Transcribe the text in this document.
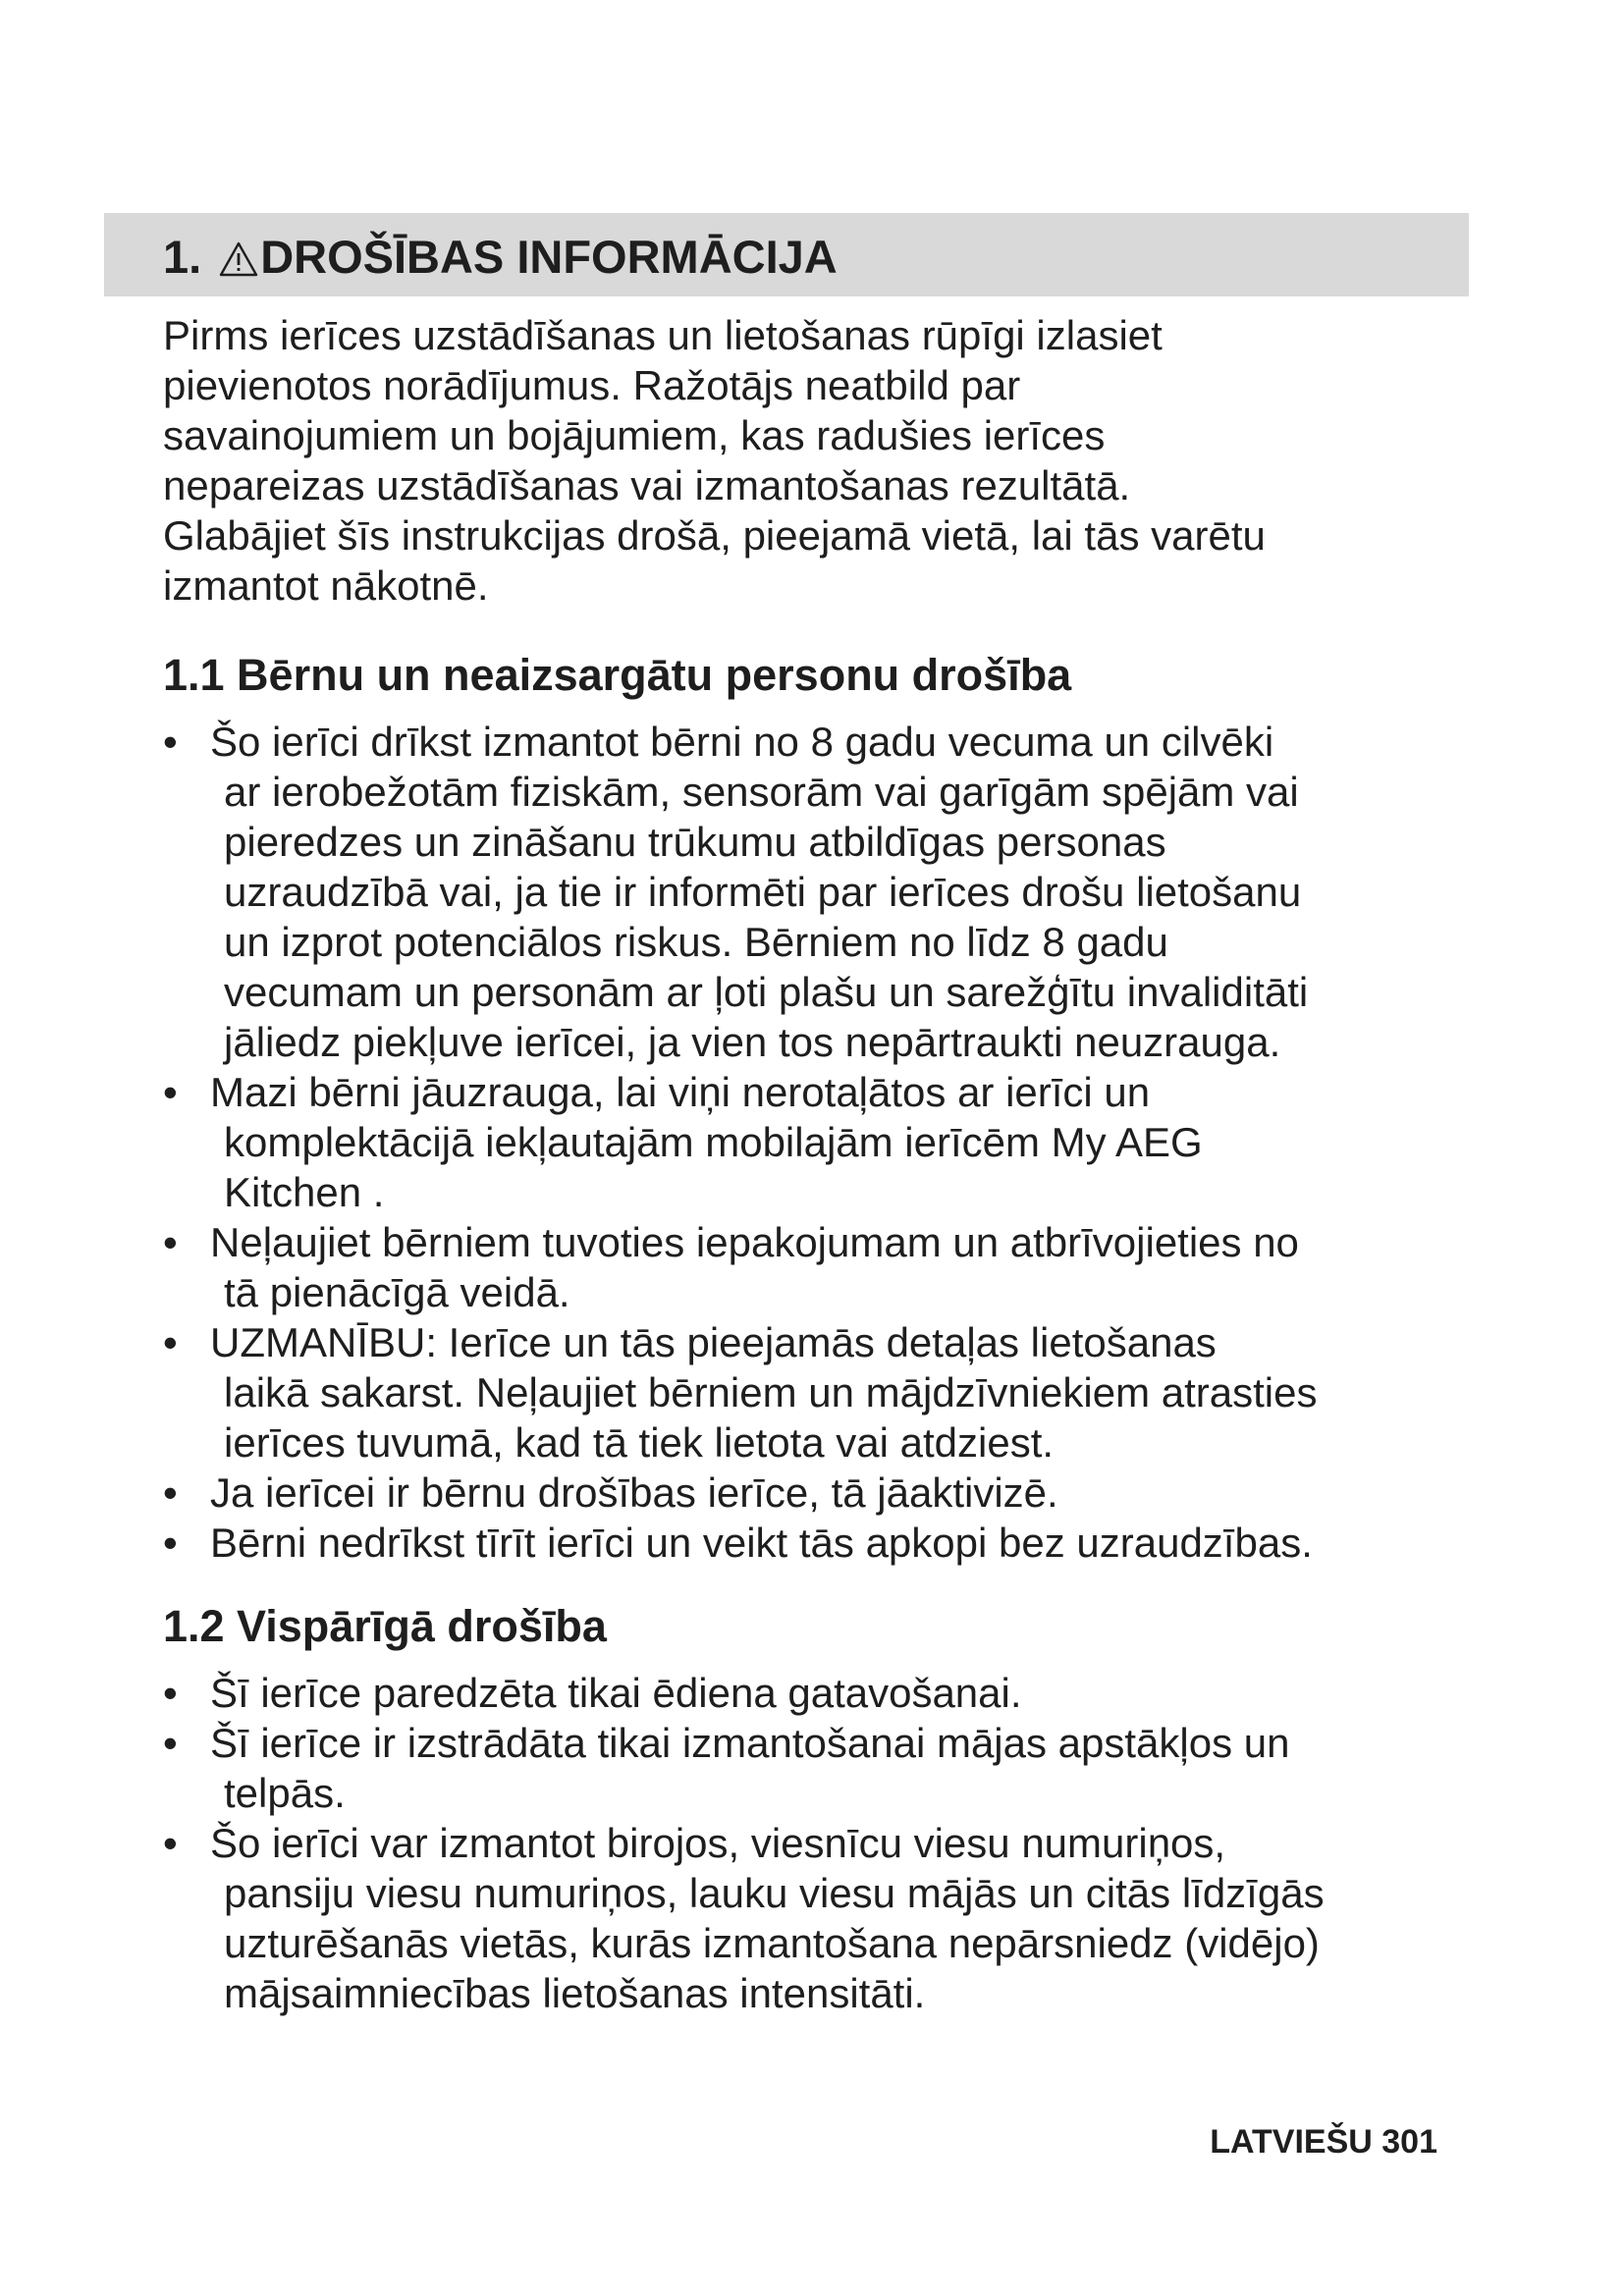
1. DROŠĪBAS INFORMĀCIJA

Pirms ierīces uzstādīšanas un lietošanas rūpīgi izlasiet

pievienotos norādījumus. Ražotājs neatbild par

savainojumiem un bojājumiem, kas radušies ierīces

nepareizas uzstādīšanas vai izmantošanas rezultātā.

Glabājiet šīs instrukcijas drošā, pieejamā vietā, lai tās varētu

izmantot nākotnē.

1.1 Bērnu un neaizsargātu personu drošība
• Šo ierīci drīkst izmantot bērni no 8 gadu vecuma un cilvēki
ar ierobežotām fiziskām, sensorām vai garīgām spējām vai
pieredzes un zināšanu trūkumu atbildīgas personas
uzraudzībā vai, ja tie ir informēti par ierīces drošu lietošanu
un izprot potenciālos riskus. Bērniem no līdz 8 gadu
vecumam un personām ar ļoti plašu un sarežģītu invaliditāti
jāliedz piekļuve ierīcei, ja vien tos nepārtraukti neuzrauga.
• Mazi bērni jāuzrauga, lai viņi nerotaļātos ar ierīci un
komplektācijā iekļautajām mobilajām ierīcēm My AEG
Kitchen .
• Neļaujiet bērniem tuvoties iepakojumam un atbrīvojieties no
tā pienācīgā veidā.
• UZMANĪBU: Ierīce un tās pieejamās detaļas lietošanas
laikā sakarst. Neļaujiet bērniem un mājdzīvniekiem atrasties
ierīces tuvumā, kad tā tiek lietota vai atdziest.
• Ja ierīcei ir bērnu drošības ierīce, tā jāaktivizē.
• Bērni nedrīkst tīrīt ierīci un veikt tās apkopi bez uzraudzības.
1.2 Vispārīgā drošība
• Šī ierīce paredzēta tikai ēdiena gatavošanai.
• Šī ierīce ir izstrādāta tikai izmantošanai mājas apstākļos un
telpās.
• Šo ierīci var izmantot birojos, viesnīcu viesu numuriņos,
pansiju viesu numuriņos, lauku viesu mājās un citās līdzīgās
uzturēšanās vietās, kurās izmantošana nepārsniedz (vidējo)
mājsaimniecības lietošanas intensitāti.
LATVIEŠU 301
